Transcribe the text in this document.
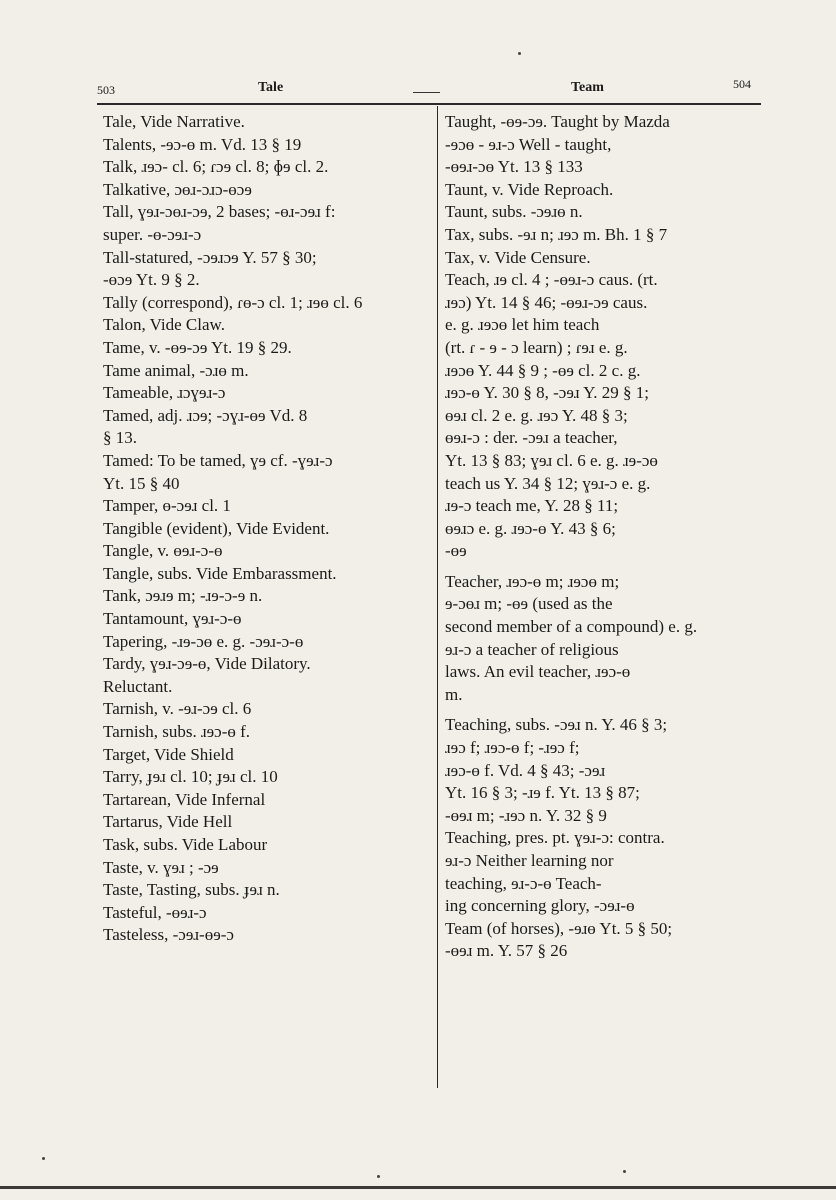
503	Tale	Team	504

Tale, Vide Narrative.

Talents, ‑ɘɔ‑ɵ m. Vd. 13 § 19

Talk, ɹɘɔ‑ cl. 6; ɾɔɘ cl. 8; ɸɘ cl. 2.

Talkative, ɔɵɹ‑ɔɹɔ‑ɵɔɘ

Tall, ɣɘɹ‑ɔɵɹ‑ɔɘ, 2 bases; ‑ɵɹ‑ɔɘɹ f:

super. ‑ɵ‑ɔɘɹ‑ɔ

Tall‑statured, ‑ɔɘɹɔɘ Y. 57 § 30;

‑ɵɔɘ Yt. 9 § 2.

Tally (correspond), ɾɵ‑ɔ cl. 1; ɹɘɵ cl. 6

Talon, Vide Claw.

Tame, v. ‑ɵɘ‑ɔɘ Yt. 19 § 29.

Tame animal, ‑ɔɹɵ m.

Tameable, ɹɔɣɘɹ‑ɔ

Tamed, adj. ɹɔɘ; ‑ɔɣɹ‑ɵɘ Vd. 8

§ 13.

Tamed: To be tamed, ɣɘ cf. ‑ɣɘɹ‑ɔ

Yt. 15 § 40

Tamper, ɵ‑ɔɘɹ cl. 1

Tangible (evident), Vide Evident.

Tangle, v. ɵɘɹ‑ɔ‑ɵ

Tangle, subs. Vide Embarassment.

Tank, ɔɘɹɘ m; ‑ɹɘ‑ɔ‑ɘ n.

Tantamount, ɣɘɹ‑ɔ‑ɵ

Tapering, ‑ɹɘ‑ɔɵ e. g. ‑ɔɘɹ‑ɔ‑ɵ

Tardy, ɣɘɹ‑ɔɘ‑ɵ, Vide Dilatory.

Reluctant.

Tarnish, v. ‑ɘɹ‑ɔɘ cl. 6

Tarnish, subs. ɹɘɔ‑ɵ f.

Target, Vide Shield

Tarry, ɟɘɹ cl. 10; ɟɘɹ cl. 10

Tartarean, Vide Infernal

Tartarus, Vide Hell

Task, subs. Vide Labour

Taste, v. ɣɘɹ ; ‑ɔɘ

Taste, Tasting, subs. ɟɘɹ n.

Tasteful, ‑ɵɘɹ‑ɔ

Tasteless, ‑ɔɘɹ‑ɵɘ‑ɔ

Taught, ‑ɵɘ‑ɔɘ. Taught by Mazda

‑ɘɔɵ ‑ ɘɹ‑ɔ Well ‑ taught,

‑ɵɘɹ‑ɔɵ Yt. 13 § 133

Taunt, v. Vide Reproach.

Taunt, subs. ‑ɔɘɹɵ n.

Tax, subs. ‑ɘɹ n; ɹɘɔ m. Bh. 1 § 7

Tax, v. Vide Censure.

Teach, ɹɘ cl. 4 ; ‑ɵɘɹ‑ɔ caus. (rt.

ɹɘɔ) Yt. 14 § 46; ‑ɵɘɹ‑ɔɘ caus.

e. g. ɹɘɔɵ let him teach

(rt. ɾ ‑ ɘ ‑ ɔ learn) ; ɾɘɹ e. g.

ɹɘɔɵ Y. 44 § 9 ; ‑ɵɘ cl. 2 c. g.

ɹɘɔ‑ɵ Y. 30 § 8, ‑ɔɘɹ Y. 29 § 1;

ɵɘɹ cl. 2 e. g. ɹɘɔ Y. 48 § 3;

ɵɘɹ‑ɔ : der. ‑ɔɘɹ a teacher,

Yt. 13 § 83; ɣɘɹ cl. 6 e. g. ɹɘ‑ɔɵ

teach us Y. 34 § 12; ɣɘɹ‑ɔ e. g.

ɹɘ‑ɔ teach me, Y. 28 § 11;

ɵɘɹɔ e. g. ɹɘɔ‑ɵ Y. 43 § 6;

‑ɵɘ

Teacher, ɹɘɔ‑ɵ m; ɹɘɔɵ m;

ɘ‑ɔɵɹ m; ‑ɵɘ (used as the

second member of a compound) e. g.

ɘɹ‑ɔ a teacher of religious

laws. An evil teacher, ɹɘɔ‑ɵ

m.

Teaching, subs. ‑ɔɘɹ n. Y. 46 § 3;

ɹɘɔ f; ɹɘɔ‑ɵ f; ‑ɹɘɔ f;

ɹɘɔ‑ɵ f. Vd. 4 § 43; ‑ɔɘɹ

Yt. 16 § 3; ‑ɹɘ f. Yt. 13 § 87;

‑ɵɘɹ m; ‑ɹɘɔ n. Y. 32 § 9

Teaching, pres. pt. ɣɘɹ‑ɔ: contra.

ɘɹ‑ɔ Neither learning nor

teaching, ɘɹ‑ɔ‑ɵ Teach‑

ing concerning glory, ‑ɔɘɹ‑ɵ

Team (of horses), ‑ɘɹɵ Yt. 5 § 50;

‑ɵɘɹ m. Y. 57 § 26
